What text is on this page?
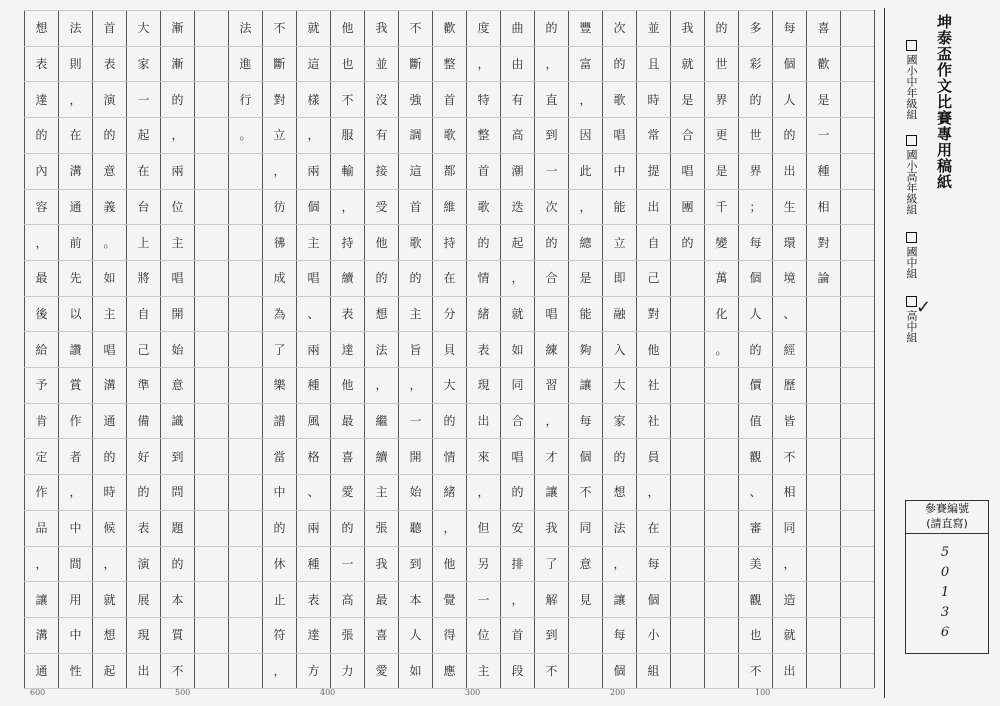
喜
歡
是
一
種
相
對
論
每
個
人
的
出
生
環
境
、
經
歷
皆
不
相
同
，
造
就
出
多
彩
的
世
界
；
每
個
人
的
價
值
觀
、
審
美
觀
也
不
的
世
界
更
是
千
變
萬
化
。
我
就
是
合
唱
團
的
並
且
時
常
提
出
自
己
對
他
社
社
員
，
在
每
個
小
組
次
的
歌
唱
中
能
立
即
融
入
大
家
的
想
法
，
讓
每
個
豐
富
，
因
此
，
總
是
能
夠
讓
每
個
不
同
意
見
的
，
直
到
一
次
的
合
唱
練
習
，
才
讓
我
了
解
到
不
曲
由
有
高
潮
迭
起
，
就
如
同
合
唱
的
安
排
，
首
段
度
，
特
整
首
歌
的
情
緒
表
現
出
來
，
但
另
一
位
主
歡
整
首
歌
都
維
持
在
分
貝
大
的
情
緒
，
他
覺
得
應
不
斷
強
調
這
首
歌
的
主
旨
，
一
開
始
聽
到
本
人
如
我
並
沒
有
接
受
他
的
想
法
，
繼
續
主
張
我
最
喜
愛
他
也
不
服
輸
，
持
續
表
達
他
最
喜
愛
的
一
高
張
力
就
這
樣
，
兩
個
主
唱
、
兩
種
風
格
、
兩
種
表
達
方
不
斷
對
立
，
彷
彿
成
為
了
樂
譜
當
中
的
休
止
符
，
法
進
行
。
漸
漸
的
，
兩
位
主
唱
開
始
意
識
到
問
題
的
本
質
不
大
家
一
起
在
台
上
將
自
己
準
備
好
的
表
演
展
現
出
首
表
演
的
意
義
。
如
主
唱
溝
通
的
時
候
，
就
想
起
法
則
，
在
溝
通
前
先
以
讚
賞
作
者
，
中
間
用
中
性
想
表
達
的
內
容
，
最
後
給
予
肯
定
作
品
，
讓
溝
通
坤泰盃作文比賽專用稿紙
國小中年級組
國小高年級組
國中組
高中組
✓
參賽編號
(請直寫)
5
0
1
3
6
600	500	400	300	200	100
